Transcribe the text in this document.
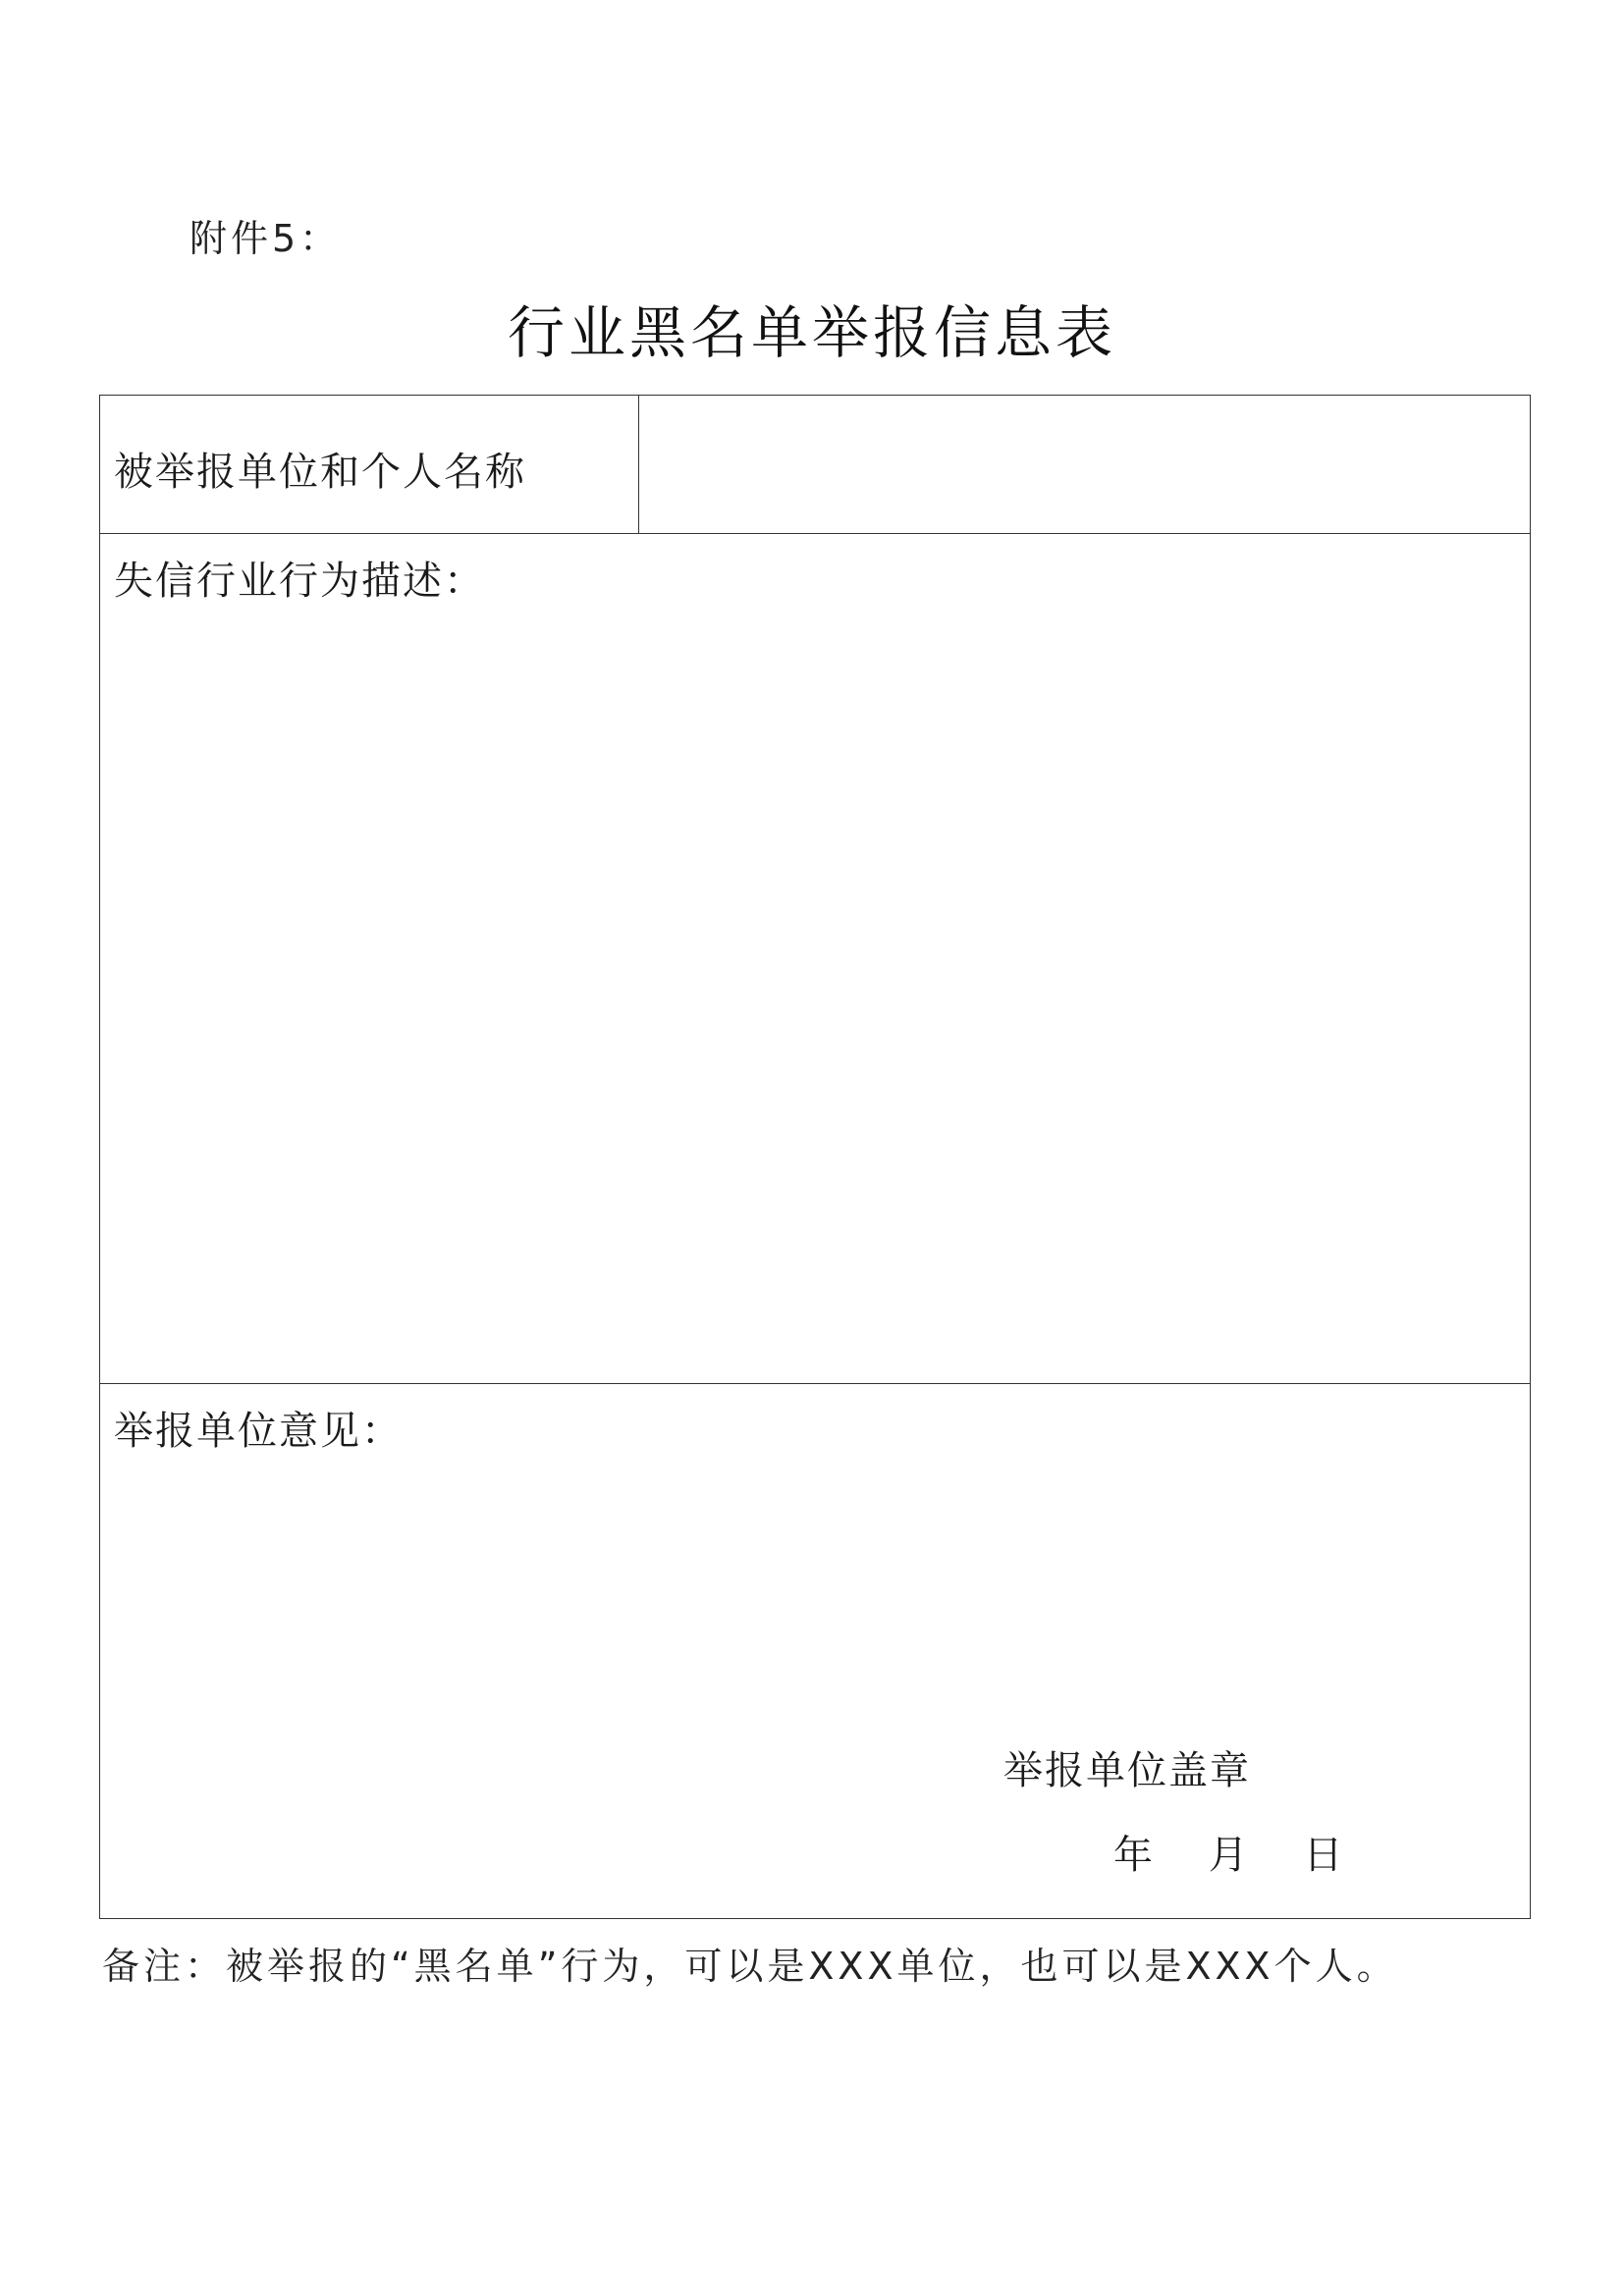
附件5：
行业黑名单举报信息表
被举报单位和个人名称
失信行业行为描述：
举报单位意见：
举报单位盖章
年 月 日
备注：被举报的“黑名单”行为，可以是XXX单位，也可以是XXX个人。
